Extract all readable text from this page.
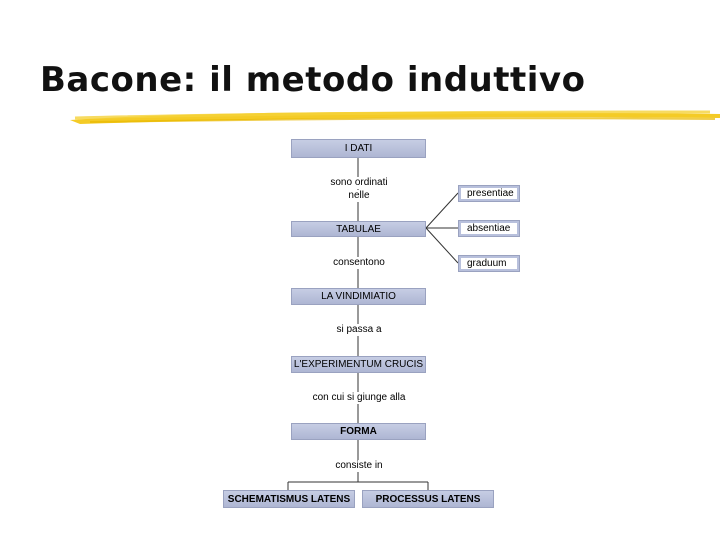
Bacone: il metodo induttivo
I DATI
sono ordinati
nelle
TABULAE
presentiae
absentiae
graduum
consentono
LA VINDIMIATIO
si passa a
L'EXPERIMENTUM CRUCIS
con cui si giunge alla
FORMA
consiste in
SCHEMATISMUS LATENS	PROCESSUS LATENS
